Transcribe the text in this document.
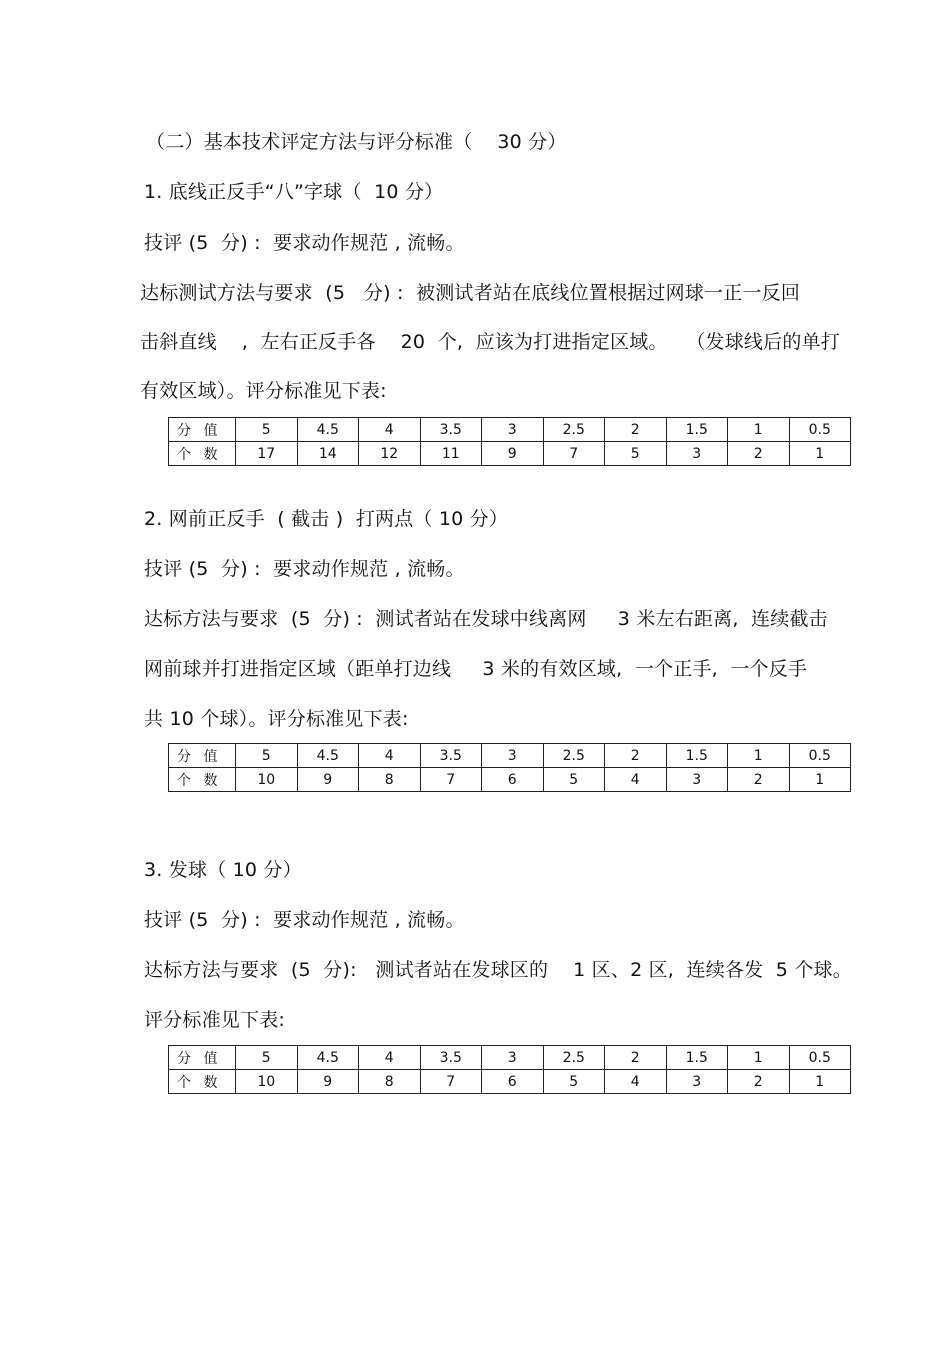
（二）基本技术评定方法与评分标准（    30 分）
1. 底线正反手“八”字球（  10 分）
技评 (5  分) :  要求动作规范 , 流畅。
达标测试方法与要求  (5   分) :  被测试者站在底线位置根据过网球一正一反回
击斜直线    ,  左右正反手各    20  个,  应该为打进指定区域。   （发球线后的单打
有效区域）。评分标准见下表:
分 值	5	4.5	4	3.5	3	2.5	2	1.5	1	0.5
个 数	17	14	12	11	9	7	5	3	2	1
2. 网前正反手  ( 截击 )  打两点（ 10 分）
技评 (5  分) :  要求动作规范 , 流畅。
达标方法与要求  (5  分) :  测试者站在发球中线离网     3 米左右距离,  连续截击
网前球并打进指定区域（距单打边线     3 米的有效区域,  一个正手,  一个反手
共 10 个球）。评分标准见下表:
分 值	5	4.5	4	3.5	3	2.5	2	1.5	1	0.5
个 数	10	9	8	7	6	5	4	3	2	1
3. 发球（ 10 分）
技评 (5  分) :  要求动作规范 , 流畅。
达标方法与要求  (5  分):   测试者站在发球区的    1 区、2 区,  连续各发  5 个球。
评分标准见下表:
分 值	5	4.5	4	3.5	3	2.5	2	1.5	1	0.5
个 数	10	9	8	7	6	5	4	3	2	1
